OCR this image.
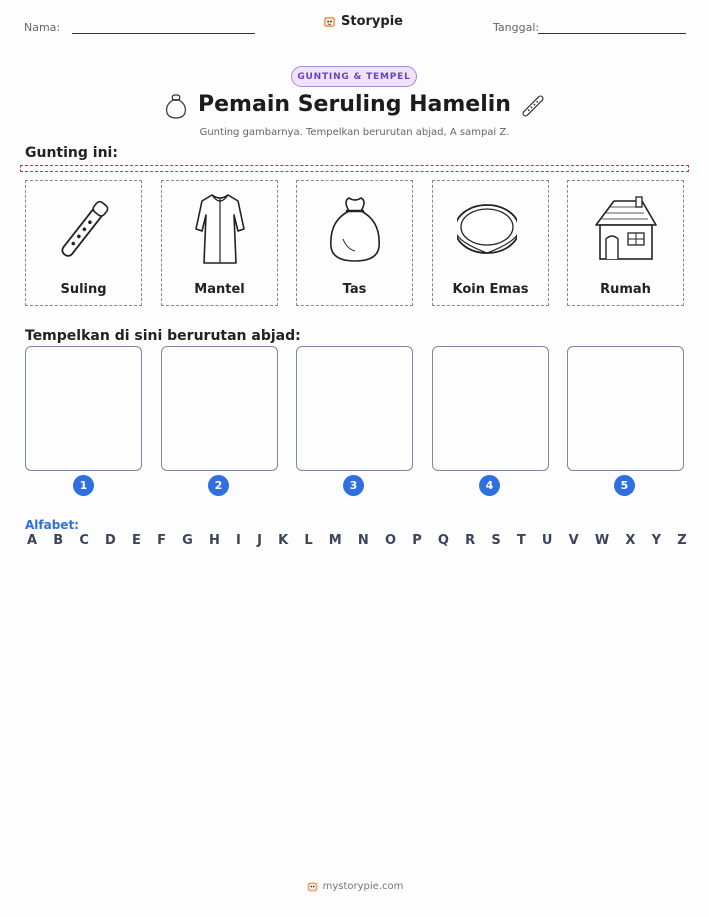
Nama:	Storypie	Tanggal:
GUNTING & TEMPEL
Pemain Seruling Hamelin
Gunting gambarnya. Tempelkan berurutan abjad, A sampai Z.
Gunting ini:
Suling	Mantel	Tas	Koin Emas	Rumah
Tempelkan di sini berurutan abjad:
1	2	3	4	5
Alfabet:
A B C D E F G H I J K L M N O P Q R S T U V W X Y Z
mystorypie.com
